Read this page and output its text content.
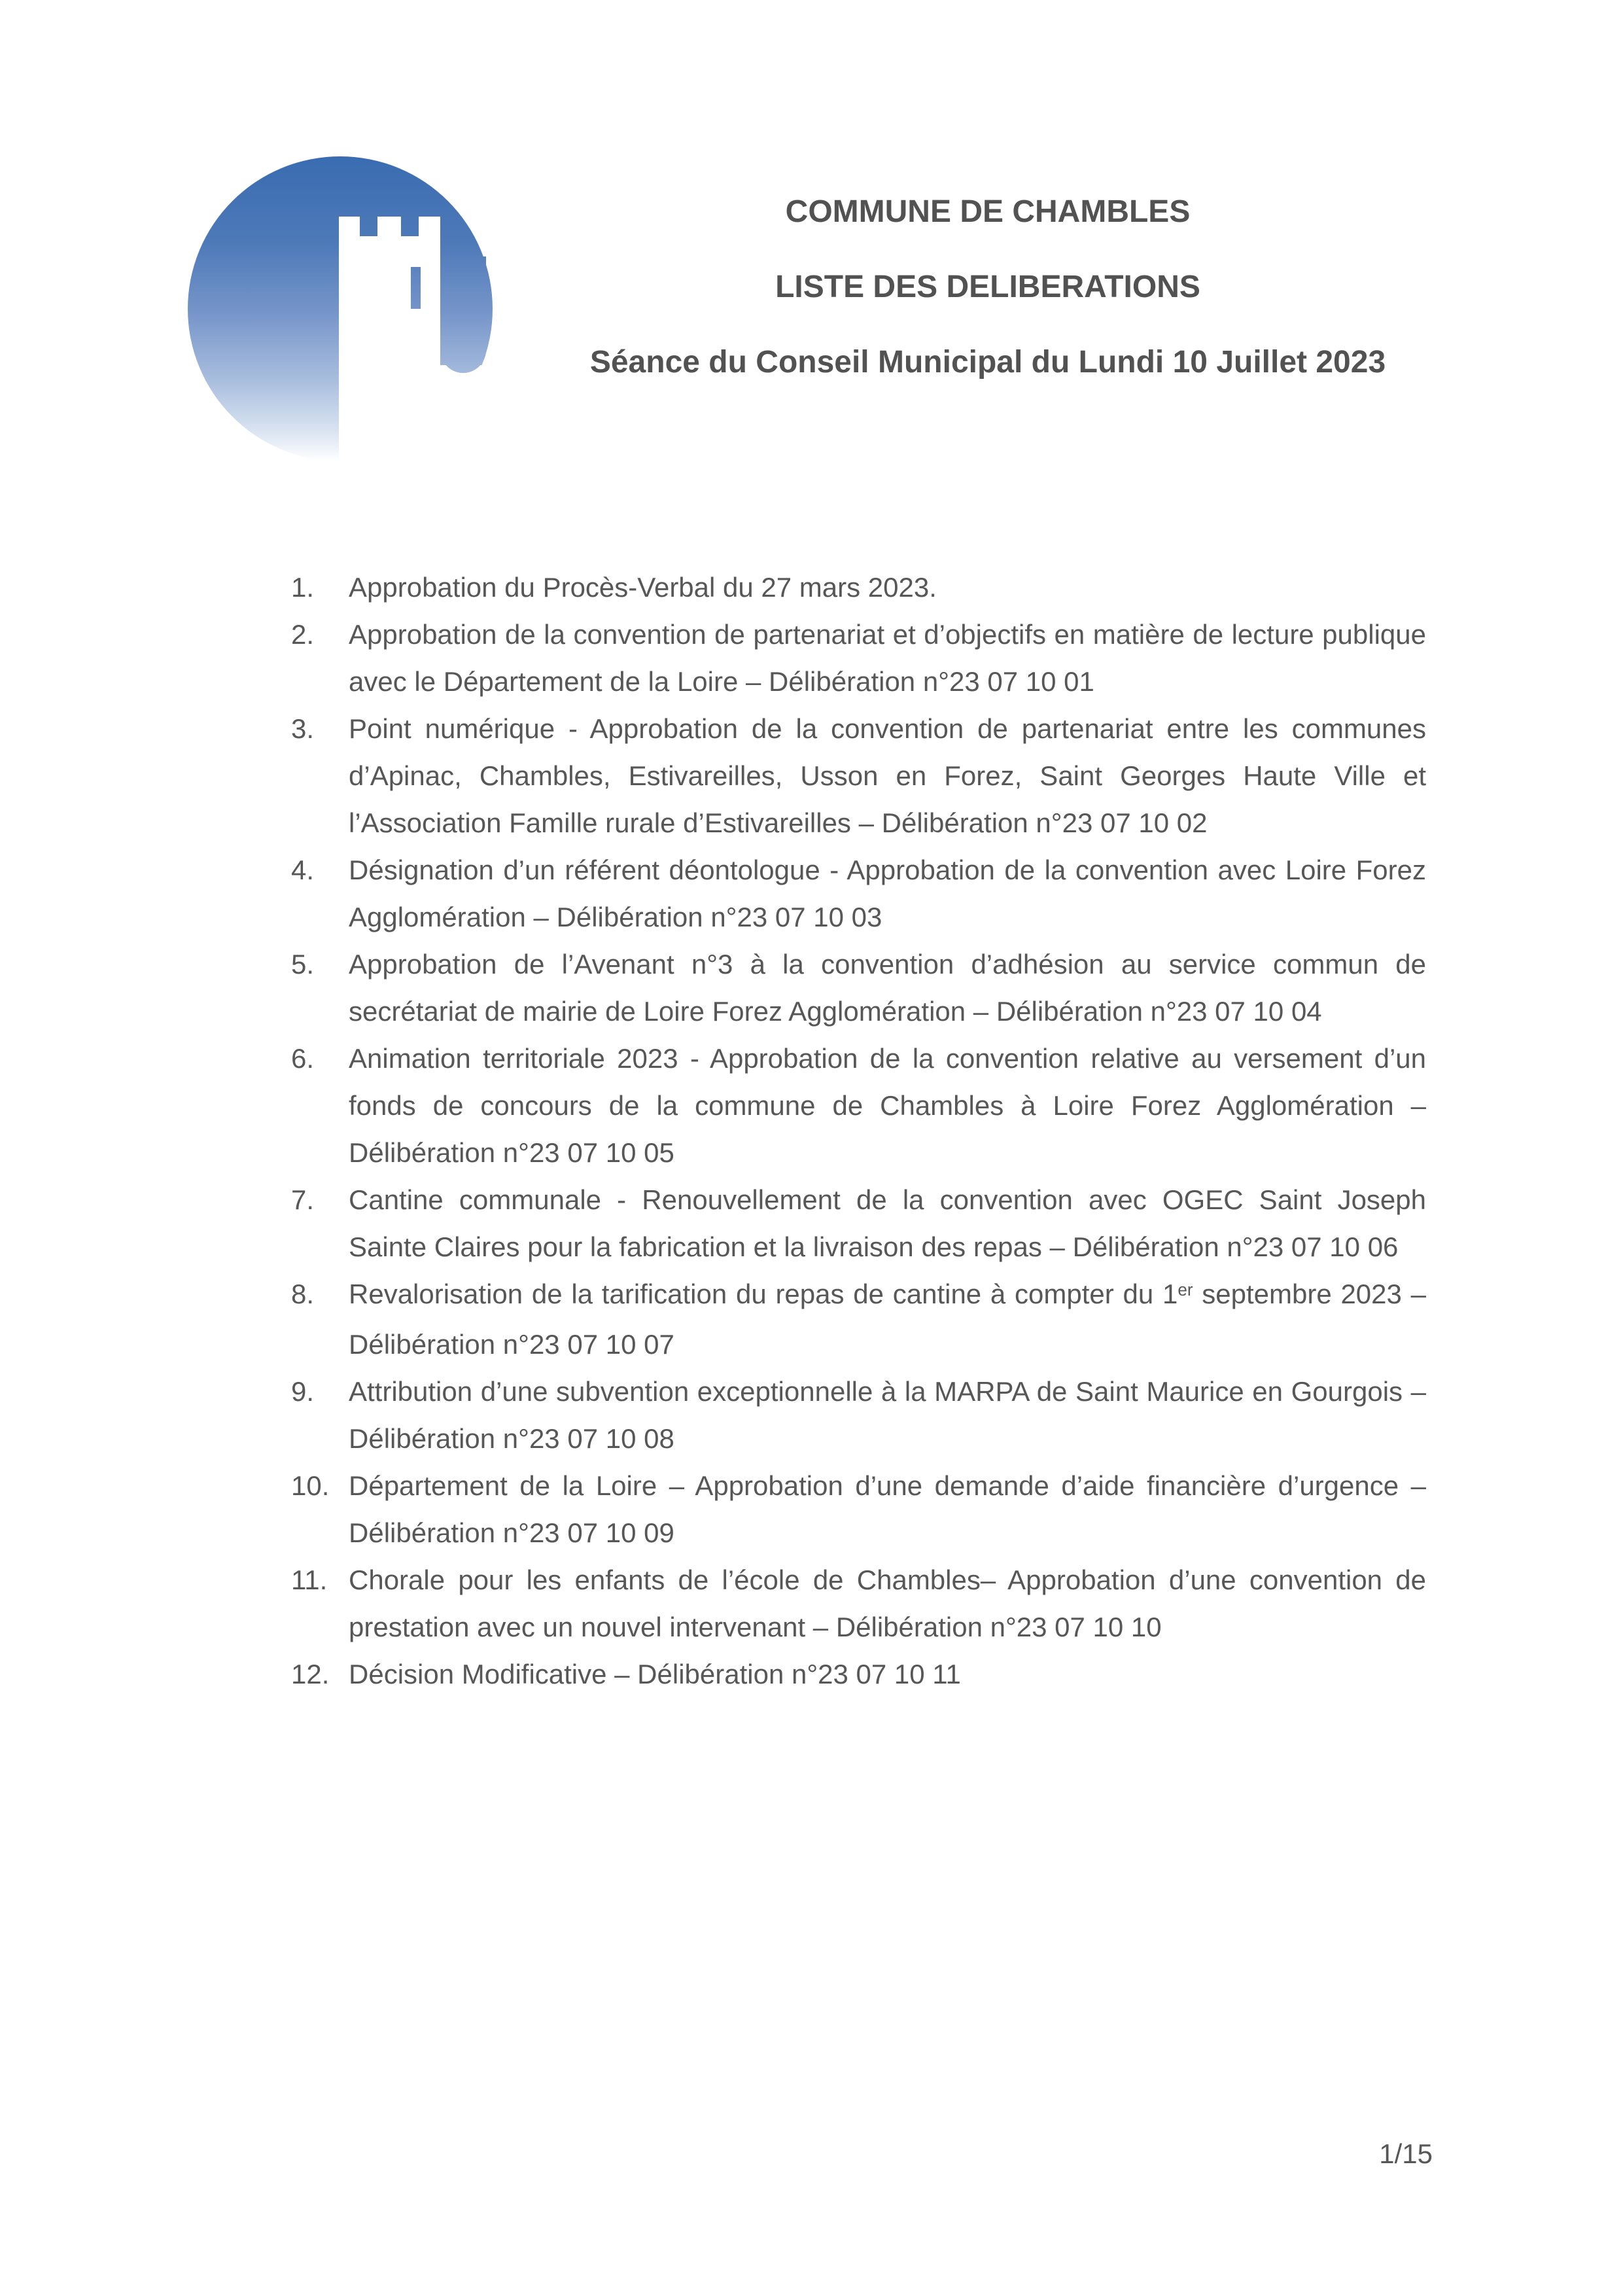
COMMUNE DE CHAMBLES

LISTE DES DELIBERATIONS

Séance du Conseil Municipal du Lundi 10 Juillet 2023

1. Approbation du Procès-Verbal du 27 mars 2023.
2. Approbation de la convention de partenariat et d’objectifs en matière de lecture publique avec le Département de la Loire – Délibération n°23 07 10 01
3. Point numérique - Approbation de la convention de partenariat entre les communes d’Apinac, Chambles, Estivareilles, Usson en Forez, Saint Georges Haute Ville et l’Association Famille rurale d’Estivareilles – Délibération n°23 07 10 02
4. Désignation d’un référent déontologue - Approbation de la convention avec Loire Forez Agglomération – Délibération n°23 07 10 03
5. Approbation de l’Avenant n°3 à la convention d’adhésion au service commun de secrétariat de mairie de Loire Forez Agglomération – Délibération n°23 07 10 04
6. Animation territoriale 2023 - Approbation de la convention relative au versement d’un fonds de concours de la commune de Chambles à Loire Forez Agglomération – Délibération n°23 07 10 05
7. Cantine communale - Renouvellement de la convention avec OGEC Saint Joseph Sainte Claires pour la fabrication et la livraison des repas – Délibération n°23 07 10 06
8. Revalorisation de la tarification du repas de cantine à compter du 1er septembre 2023 – Délibération n°23 07 10 07
9. Attribution d’une subvention exceptionnelle à la MARPA de Saint Maurice en Gourgois – Délibération n°23 07 10 08
10. Département de la Loire – Approbation d’une demande d’aide financière d’urgence – Délibération n°23 07 10 09
11. Chorale pour les enfants de l’école de Chambles– Approbation d’une convention de prestation avec un nouvel intervenant – Délibération n°23 07 10 10
12. Décision Modificative – Délibération n°23 07 10 11
1/15
